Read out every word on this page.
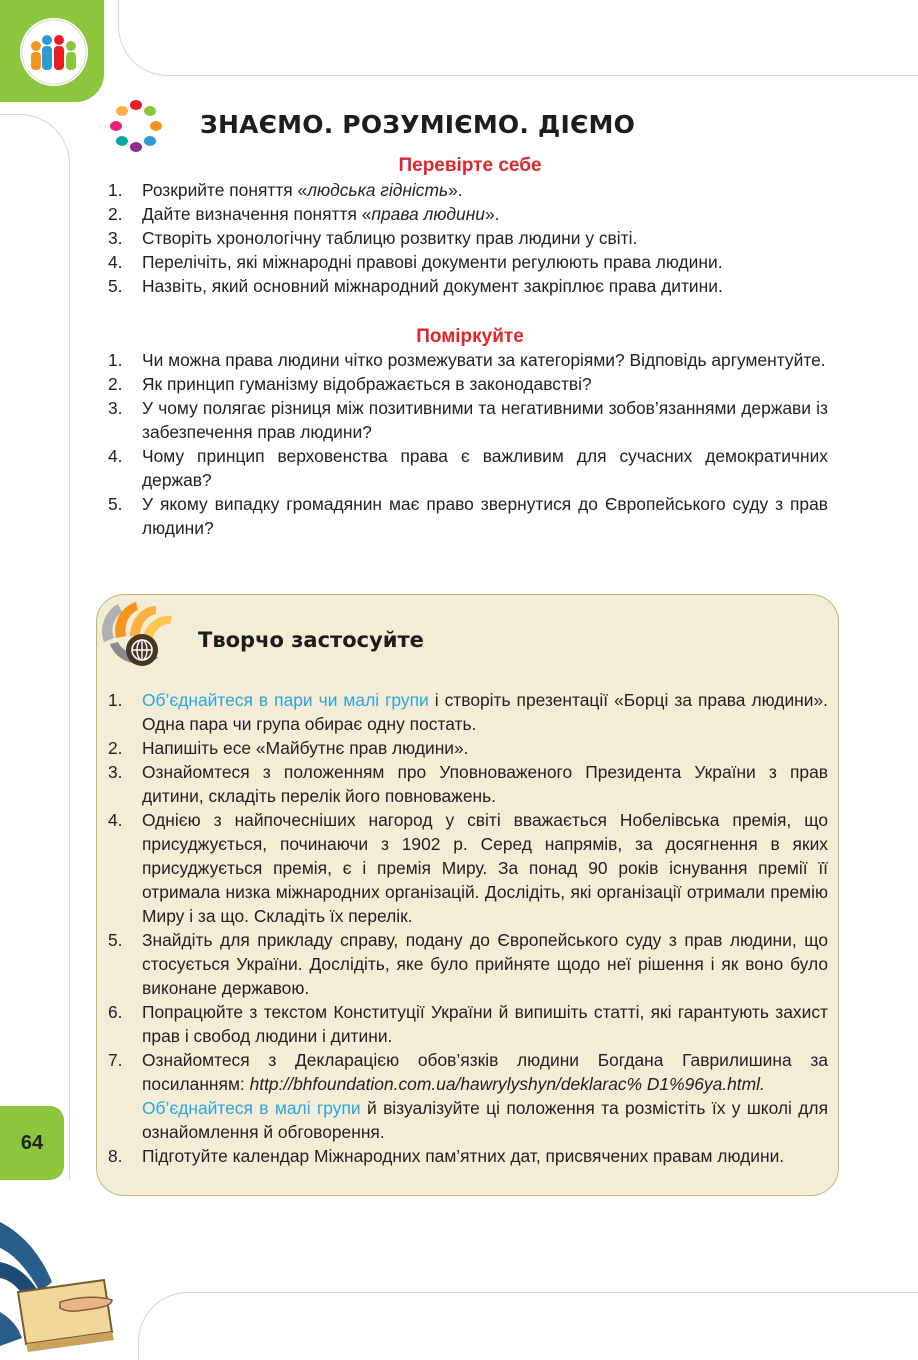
ЗНАЄМО. РОЗУМІЄМО. ДІЄМО
Перевірте себе
1.	Розкрийте поняття «людська гідність».
2.	Дайте визначення поняття «права людини».
3.	Створіть хронологічну таблицю розвитку прав людини у світі.
4.	Перелічіть, які міжнародні правові документи регулюють права людини.
5.	Назвіть, який основний міжнародний документ закріплює права дитини.
Поміркуйте
1.	Чи можна права людини чітко розмежувати за категоріями? Відповідь аргументуйте.
2.	Як принцип гуманізму відображається в законодавстві?
3.	У чому полягає різниця між позитивними та негативними зобов’язаннями держави із забезпечення прав людини?
4.	Чому принцип верховенства права є важливим для сучасних демократичних держав?
5.	У якому випадку громадянин має право звернутися до Європейського суду з прав людини?
Творчо застосуйте
1.	Об’єднайтеся в пари чи малі групи і створіть презентації «Борці за права людини». Одна пара чи група обирає одну постать.
2.	Напишіть есе «Майбутнє прав людини».
3.	Ознайомтеся з положенням про Уповноваженого Президента України з прав дитини, складіть перелік його повноважень.
4.	Однією з найпочесніших нагород у світі вважається Нобелівська премія, що присуджується, починаючи з 1902 р. Серед напрямів, за досягнення в яких присуджується премія, є і премія Миру. За понад 90 років існування премії її отримала низка міжнародних організацій. Дослідіть, які організації отримали премію Миру і за що. Складіть їх перелік.
5.	Знайдіть для прикладу справу, подану до Європейського суду з прав людини, що стосується України. Дослідіть, яке було прийняте щодо неї рішення і як воно було виконане державою.
6.	Попрацюйте з текстом Конституції України й випишіть статті, які гарантують захист прав і свобод людини і дитини.
7.	Ознайомтеся з Декларацією обов’язків людини Богдана Гаврилишина за посиланням: http://bhfoundation.com.ua/hawrylyshyn/deklarac% D1%96ya.html.
Об’єднайтеся в малі групи й візуалізуйте ці положення та розмістіть їх у школі для ознайомлення й обговорення.
8.	Підготуйте календар Міжнародних пам’ятних дат, присвячених правам людини.
64
